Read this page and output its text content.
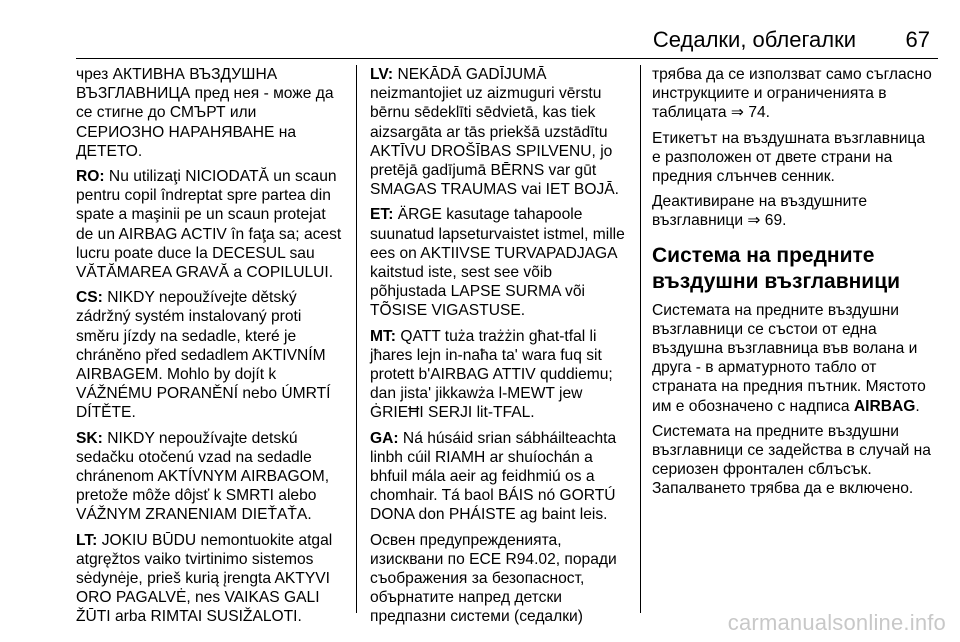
Седалки, облегалки 67

чрез АКТИВНА ВЪЗДУШНА ВЪЗГЛАВНИЦА пред нея - може да се стигне до СМЪРТ или СЕРИОЗНО НАРАНЯВАНЕ на ДЕТЕТО.

RO: Nu utilizaţi NICIODATĂ un scaun pentru copil îndreptat spre partea din spate a maşinii pe un scaun protejat de un AIRBAG ACTIV în faţa sa; acest lucru poate duce la DECESUL sau VĂTĂMAREA GRAVĂ a COPILULUI.

CS: NIKDY nepoužívejte dětský zádržný systém instalovaný proti směru jízdy na sedadle, které je chráněno před sedadlem AKTIVNÍM AIRBAGEM. Mohlo by dojít k VÁŽNÉMU PORANĚNÍ nebo ÚMRTÍ DÍTĚTE.

SK: NIKDY nepoužívajte detskú sedačku otočenú vzad na sedadle chránenom AKTÍVNYM AIRBAGOM, pretože môže dôjsť k SMRTI alebo VÁŽNYM ZRANENIAM DIEŤAŤA.

LT: JOKIU BŪDU nemontuokite atgal atgręžtos vaiko tvirtinimo sistemos sėdynėje, prieš kurią įrengta AKTYVI ORO PAGALVĖ, nes VAIKAS GALI ŽŪTI arba RIMTAI SUSIŽALOTI.

LV: NEKĀDĀ GADĪJUMĀ neizmantojiet uz aizmuguri vērstu bērnu sēdeklīti sēdvietā, kas tiek aizsargāta ar tās priekšā uzstādītu AKTĪVU DROŠĪBAS SPILVENU, jo pretējā gadījumā BĒRNS var gūt SMAGAS TRAUMAS vai IET BOJĀ.

ET: ÄRGE kasutage tahapoole suunatud lapseturvaistet istmel, mille ees on AKTIIVSE TURVAPADJAGA kaitstud iste, sest see võib põhjustada LAPSE SURMA või TÕSISE VIGASTUSE.

MT: QATT tuża trażżin għat-tfal li jħares lejn in-naħa ta' wara fuq sit protett b'AIRBAG ATTIV quddiemu; dan jista' jikkawża l-MEWT jew ĠRIEĦI SERJI lit-TFAL.

GA: Ná húsáid srian sábháilteachta linbh cúil RIAMH ar shuíochán a bhfuil mála aeir ag feidhmiú os a chomhair. Tá baol BÁIS nó GORTÚ DONA don PHÁISTE ag baint leis.

Освен предупрежденията, изисквани по ECE R94.02, поради съображения за безопасност, обърнатите напред детски предпазни системи (седалки)

трябва да се използват само съгласно инструкциите и ограниченията в таблицата ⇒ 74.

Етикетът на въздушната възглавница е разположен от двете страни на предния слънчев сенник.

Деактивиране на въздушните възглавници ⇒ 69.

Система на предните въздушни възглавници

Системата на предните въздушни възглавници се състои от една въздушна възглавница във волана и друга - в арматурното табло от страната на предния пътник. Мястото им е обозначено с надписа AIRBAG.

Системата на предните въздушни възглавници се задейства в случай на сериозен фронтален сблъсък. Запалването трябва да е включено.

carmanualsonline.info
